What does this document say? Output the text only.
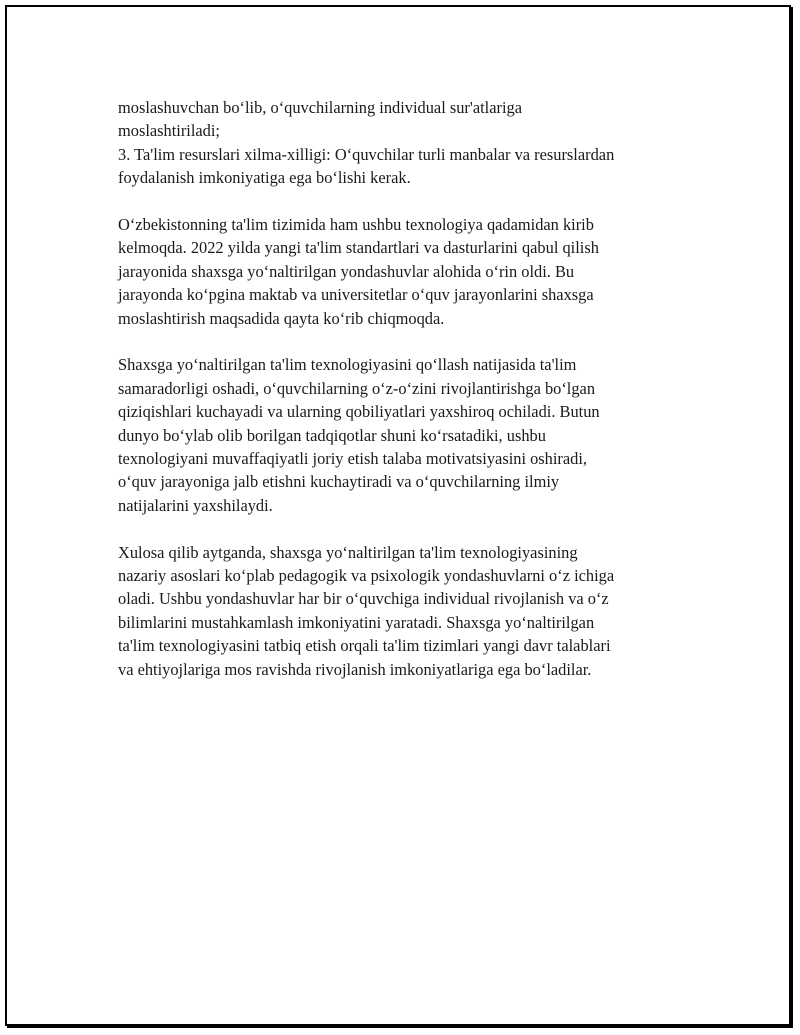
moslashuvchan bo‘lib, o‘quvchilarning individual sur'atlariga
moslashtiriladi;
3. Ta'lim resurslari xilma-xilligi: O‘quvchilar turli manbalar va resurslardan
foydalanish imkoniyatiga ega bo‘lishi kerak.
O‘zbekistonning ta'lim tizimida ham ushbu texnologiya qadamidan kirib
kelmoqda. 2022 yilda yangi ta'lim standartlari va dasturlarini qabul qilish
jarayonida shaxsga yo‘naltirilgan yondashuvlar alohida o‘rin oldi. Bu
jarayonda ko‘pgina maktab va universitetlar o‘quv jarayonlarini shaxsga
moslashtirish maqsadida qayta ko‘rib chiqmoqda.
Shaxsga yo‘naltirilgan ta'lim texnologiyasini qo‘llash natijasida ta'lim
samaradorligi oshadi, o‘quvchilarning o‘z-o‘zini rivojlantirishga bo‘lgan
qiziqishlari kuchayadi va ularning qobiliyatlari yaxshiroq ochiladi. Butun
dunyo bo‘ylab olib borilgan tadqiqotlar shuni ko‘rsatadiki, ushbu
texnologiyani muvaffaqiyatli joriy etish talaba motivatsiyasini oshiradi,
o‘quv jarayoniga jalb etishni kuchaytiradi va o‘quvchilarning ilmiy
natijalarini yaxshilaydi.
Xulosa qilib aytganda, shaxsga yo‘naltirilgan ta'lim texnologiyasining
nazariy asoslari ko‘plab pedagogik va psixologik yondashuvlarni o‘z ichiga
oladi. Ushbu yondashuvlar har bir o‘quvchiga individual rivojlanish va o‘z
bilimlarini mustahkamlash imkoniyatini yaratadi. Shaxsga yo‘naltirilgan
ta'lim texnologiyasini tatbiq etish orqali ta'lim tizimlari yangi davr talablari
va ehtiyojlariga mos ravishda rivojlanish imkoniyatlariga ega bo‘ladilar.
